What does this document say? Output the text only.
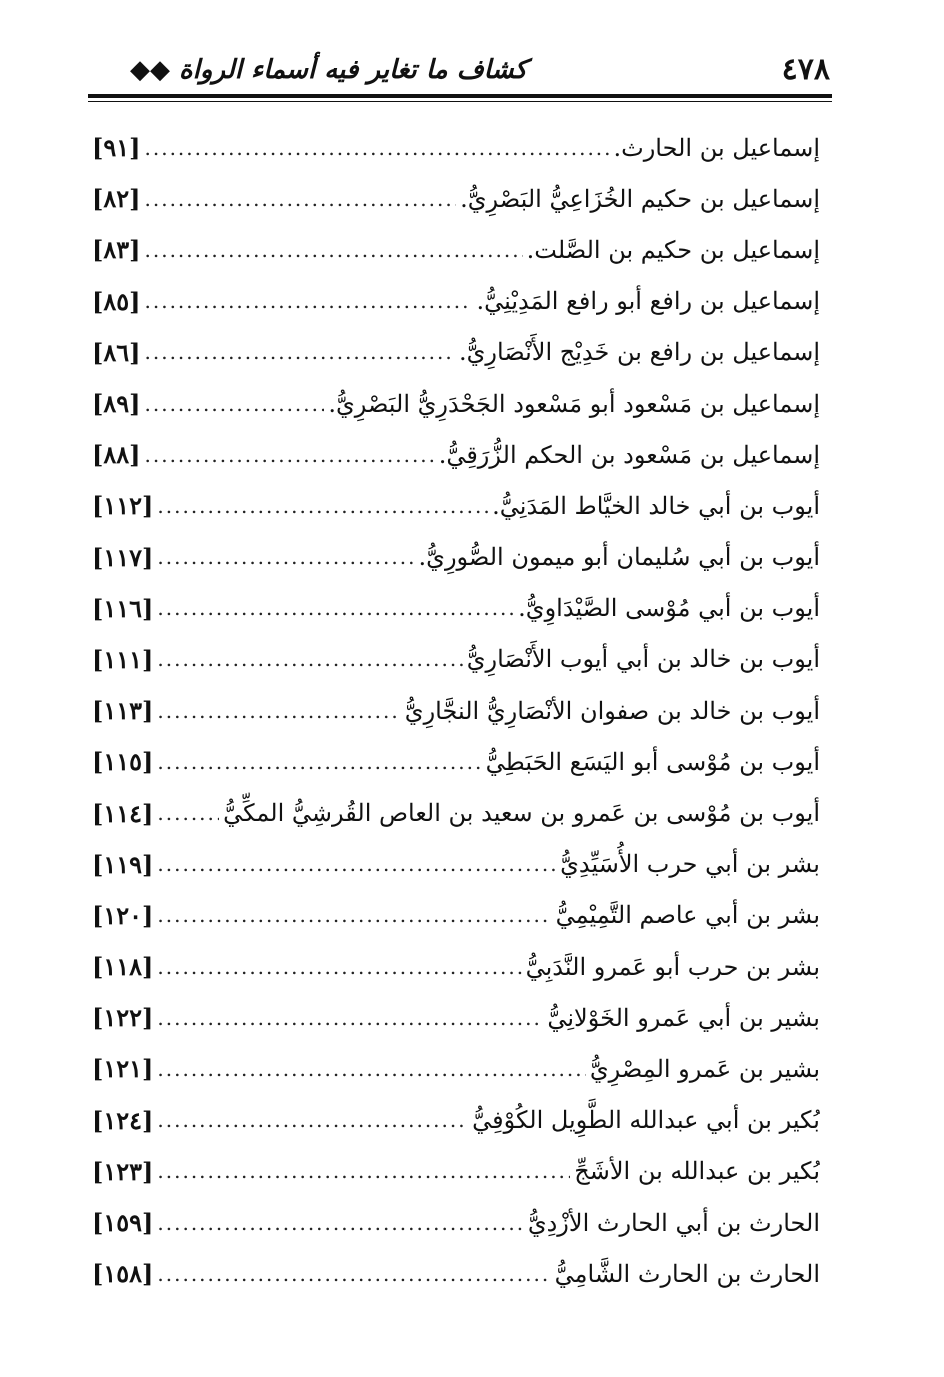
٤٧٨
كشاف ما تغاير فيه أسماء الرواة ◆◆
إسماعيل بن الحارث.
.....
[٩١]
إسماعيل بن حكيم الخُزَاعِيُّ البَصْرِيُّ.
.....
[٨٢]
إسماعيل بن حكيم بن الصَّلت.
.....
[٨٣]
إسماعيل بن رافع أبو رافع المَدِيْنِيُّ.
.....
[٨٥]
إسماعيل بن رافع بن خَدِيْج الأَنْصَارِيُّ.
.....
[٨٦]
إسماعيل بن مَسْعود أبو مَسْعود الجَحْدَرِيُّ البَصْرِيُّ.
.....
[٨٩]
إسماعيل بن مَسْعود بن الحكم الزُّرَقِيُّ.
.....
[٨٨]
أيوب بن أبي خالد الخيَّاط المَدَنِيُّ.
.....
[١١٢]
أيوب بن أبي سُليمان أبو ميمون الصُّورِيُّ.
.....
[١١٧]
أيوب بن أبي مُوْسى الصَّيْدَاوِيُّ.
.....
[١١٦]
أيوب بن خالد بن أبي أيوب الأَنْصَارِيُّ
.....
[١١١]
أيوب بن خالد بن صفوان الأنْصَارِيُّ النجَّارِيُّ
.....
[١١٣]
أيوب بن مُوْسى أبو اليَسَع الحَبَطِيُّ
.....
[١١٥]
أيوب بن مُوْسى بن عَمرو بن سعيد بن العاص القُرشِيُّ المكِّيُّ
.....
[١١٤]
بشر بن أبي حرب الأُسَيِّدِيُّ
.....
[١١٩]
بشر بن أبي عاصم التَّمِيْمِيُّ
.....
[١٢٠]
بشر بن حرب أبو عَمرو النَّدَبِيُّ
.....
[١١٨]
بشير بن أبي عَمرو الخَوْلانِيُّ
.....
[١٢٢]
بشير بن عَمرو المِصْرِيُّ
.....
[١٢١]
بُكير بن أبي عبدالله الطَّوِيل الكُوْفِيُّ
.....
[١٢٤]
بُكير بن عبدالله بن الأشَجِّ
.....
[١٢٣]
الحارث بن أبي الحارث الأزْدِيُّ
.....
[١٥٩]
الحارث بن الحارث الشَّامِيُّ
.....
[١٥٨]
